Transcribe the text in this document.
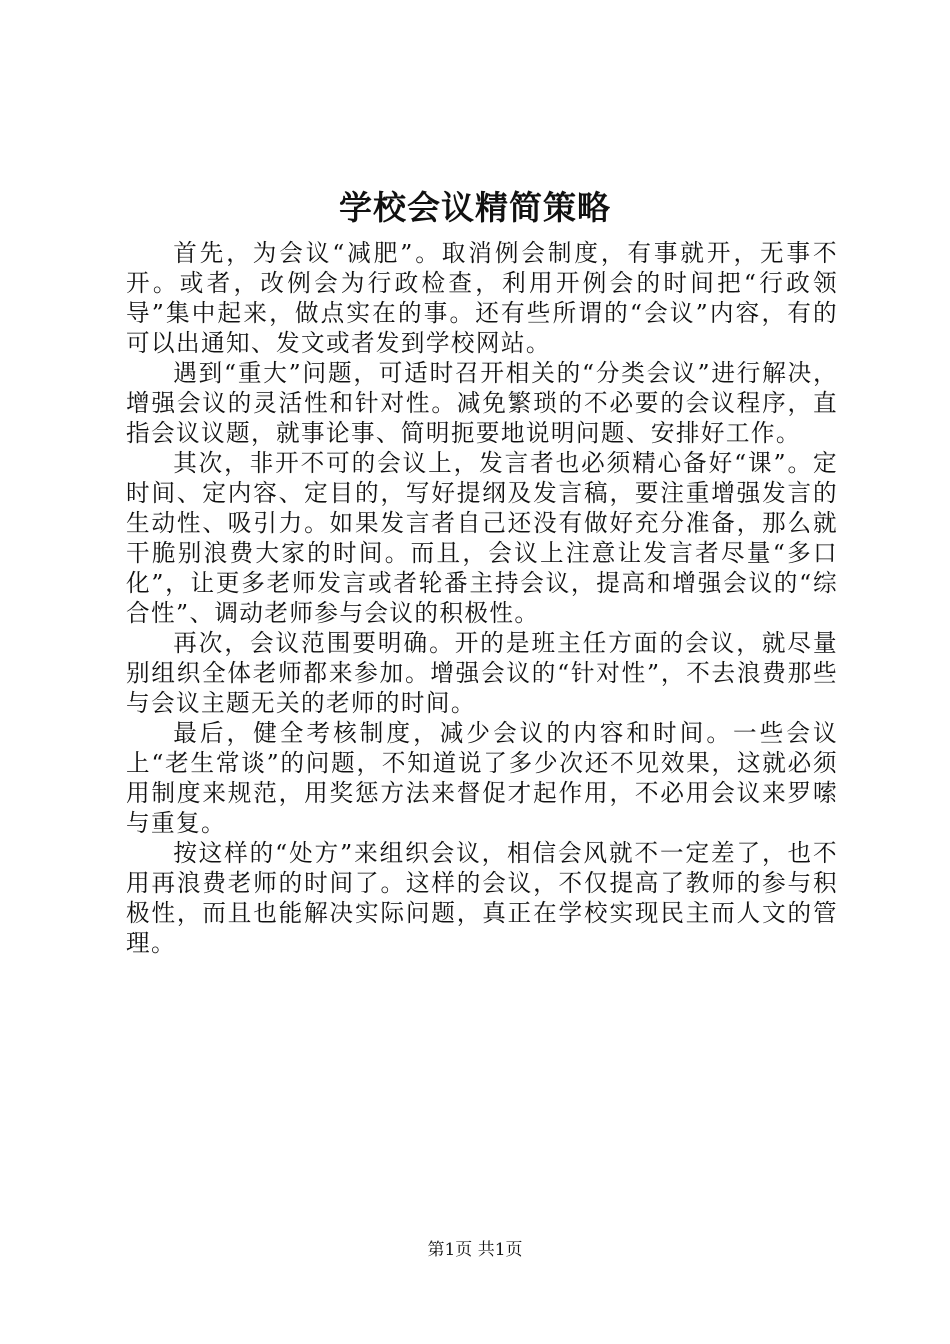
学校会议精简策略

首先，为会议“减肥”。取消例会制度，有事就开，无事不开。或者，改例会为行政检查，利用开例会的时间把“行政领导”集中起来，做点实在的事。还有些所谓的“会议”内容，有的可以出通知、发文或者发到学校网站。

遇到“重大”问题，可适时召开相关的“分类会议”进行解决，增强会议的灵活性和针对性。减免繁琐的不必要的会议程序，直指会议议题，就事论事、简明扼要地说明问题、安排好工作。

其次，非开不可的会议上，发言者也必须精心备好“课”。定时间、定内容、定目的，写好提纲及发言稿，要注重增强发言的生动性、吸引力。如果发言者自己还没有做好充分准备，那么就干脆别浪费大家的时间。而且，会议上注意让发言者尽量“多口化”，让更多老师发言或者轮番主持会议，提高和增强会议的“综合性”、调动老师参与会议的积极性。

再次，会议范围要明确。开的是班主任方面的会议，就尽量别组织全体老师都来参加。增强会议的“针对性”，不去浪费那些与会议主题无关的老师的时间。

最后，健全考核制度，减少会议的内容和时间。一些会议上“老生常谈”的问题，不知道说了多少次还不见效果，这就必须用制度来规范，用奖惩方法来督促才起作用，不必用会议来罗嗦与重复。

按这样的“处方”来组织会议，相信会风就不一定差了，也不用再浪费老师的时间了。这样的会议，不仅提高了教师的参与积极性，而且也能解决实际问题，真正在学校实现民主而人文的管理。

第1页 共1页
